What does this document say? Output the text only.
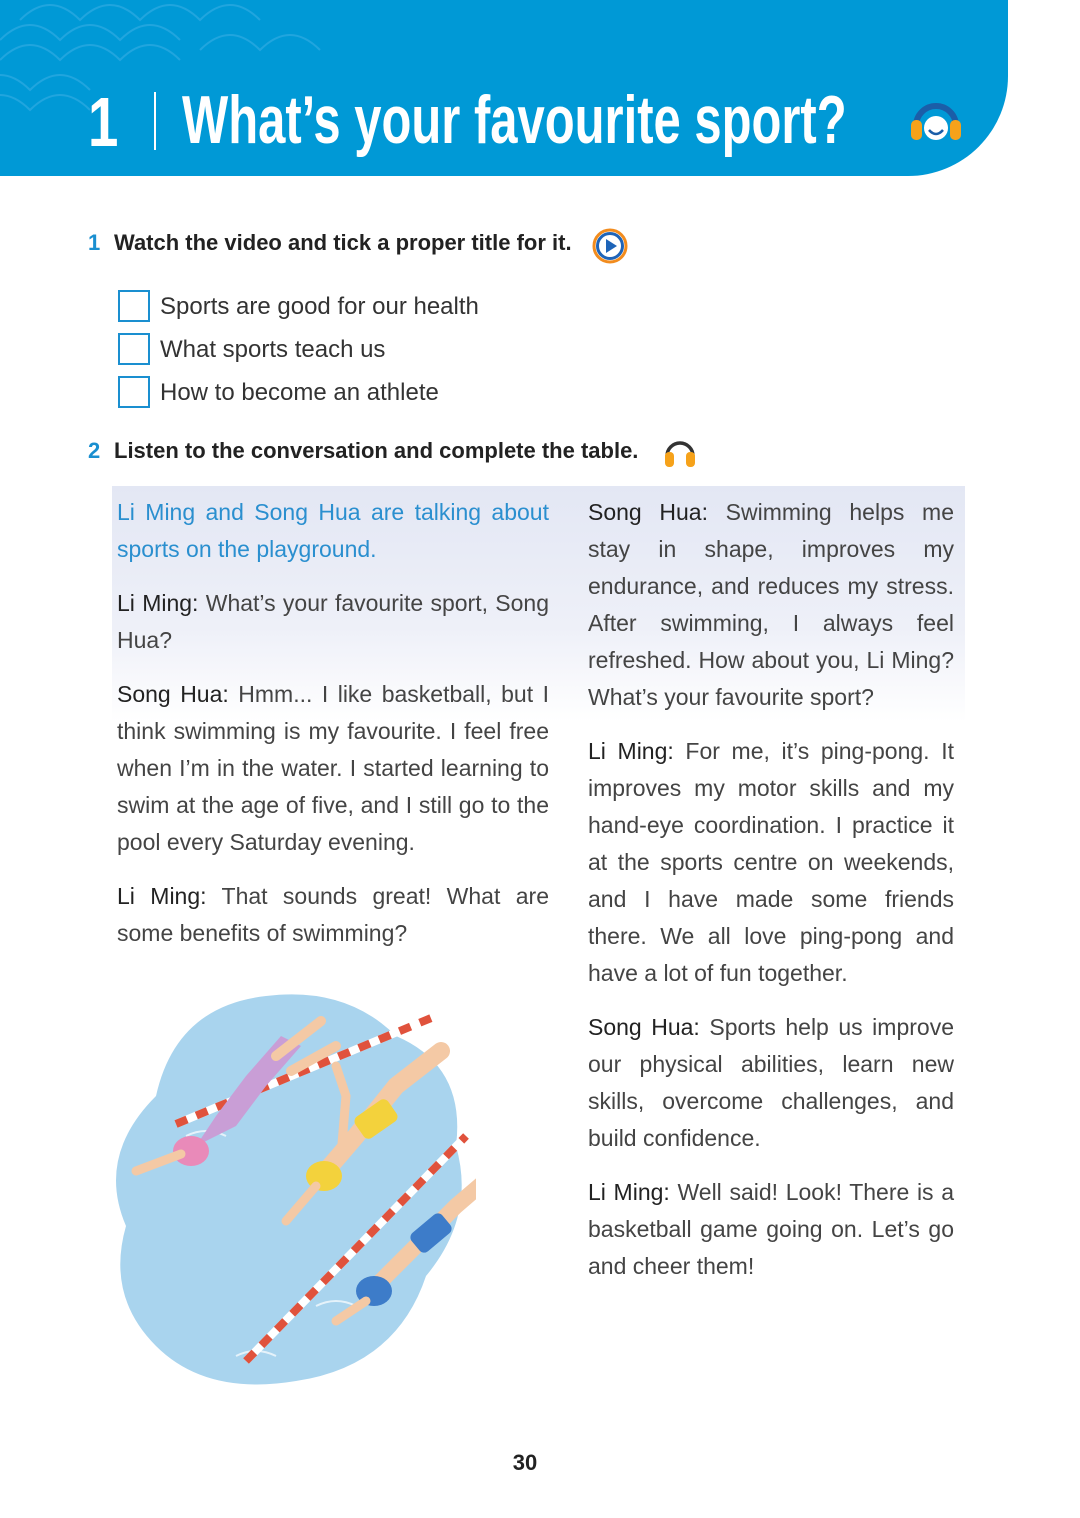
1 What’s your favourite sport?
1 Watch the video and tick a proper title for it.
Sports are good for our health
What sports teach us
How to become an athlete
2 Listen to the conversation and complete the table.

Li Ming and Song Hua are talking about sports on the playground.

Li Ming: What’s your favourite sport, Song Hua?

Song Hua: Hmm... I like basketball, but I think swimming is my favourite. I feel free when I’m in the water. I started learning to swim at the age of five, and I still go to the pool every Saturday evening.

Li Ming: That sounds great! What are some benefits of swimming?

Song Hua: Swimming helps me stay in shape, improves my endurance, and reduces my stress. After swimming, I always feel refreshed. How about you, Li Ming? What’s your favourite sport?

Li Ming: For me, it’s ping-pong. It improves my motor skills and my hand-eye coordination. I practice it at the sports centre on weekends, and I have made some friends there. We all love ping-pong and have a lot of fun together.

Song Hua: Sports help us improve our physical abilities, learn new skills, overcome challenges, and build confidence.

Li Ming: Well said! Look! There is a basketball game going on. Let’s go and cheer them!

30
